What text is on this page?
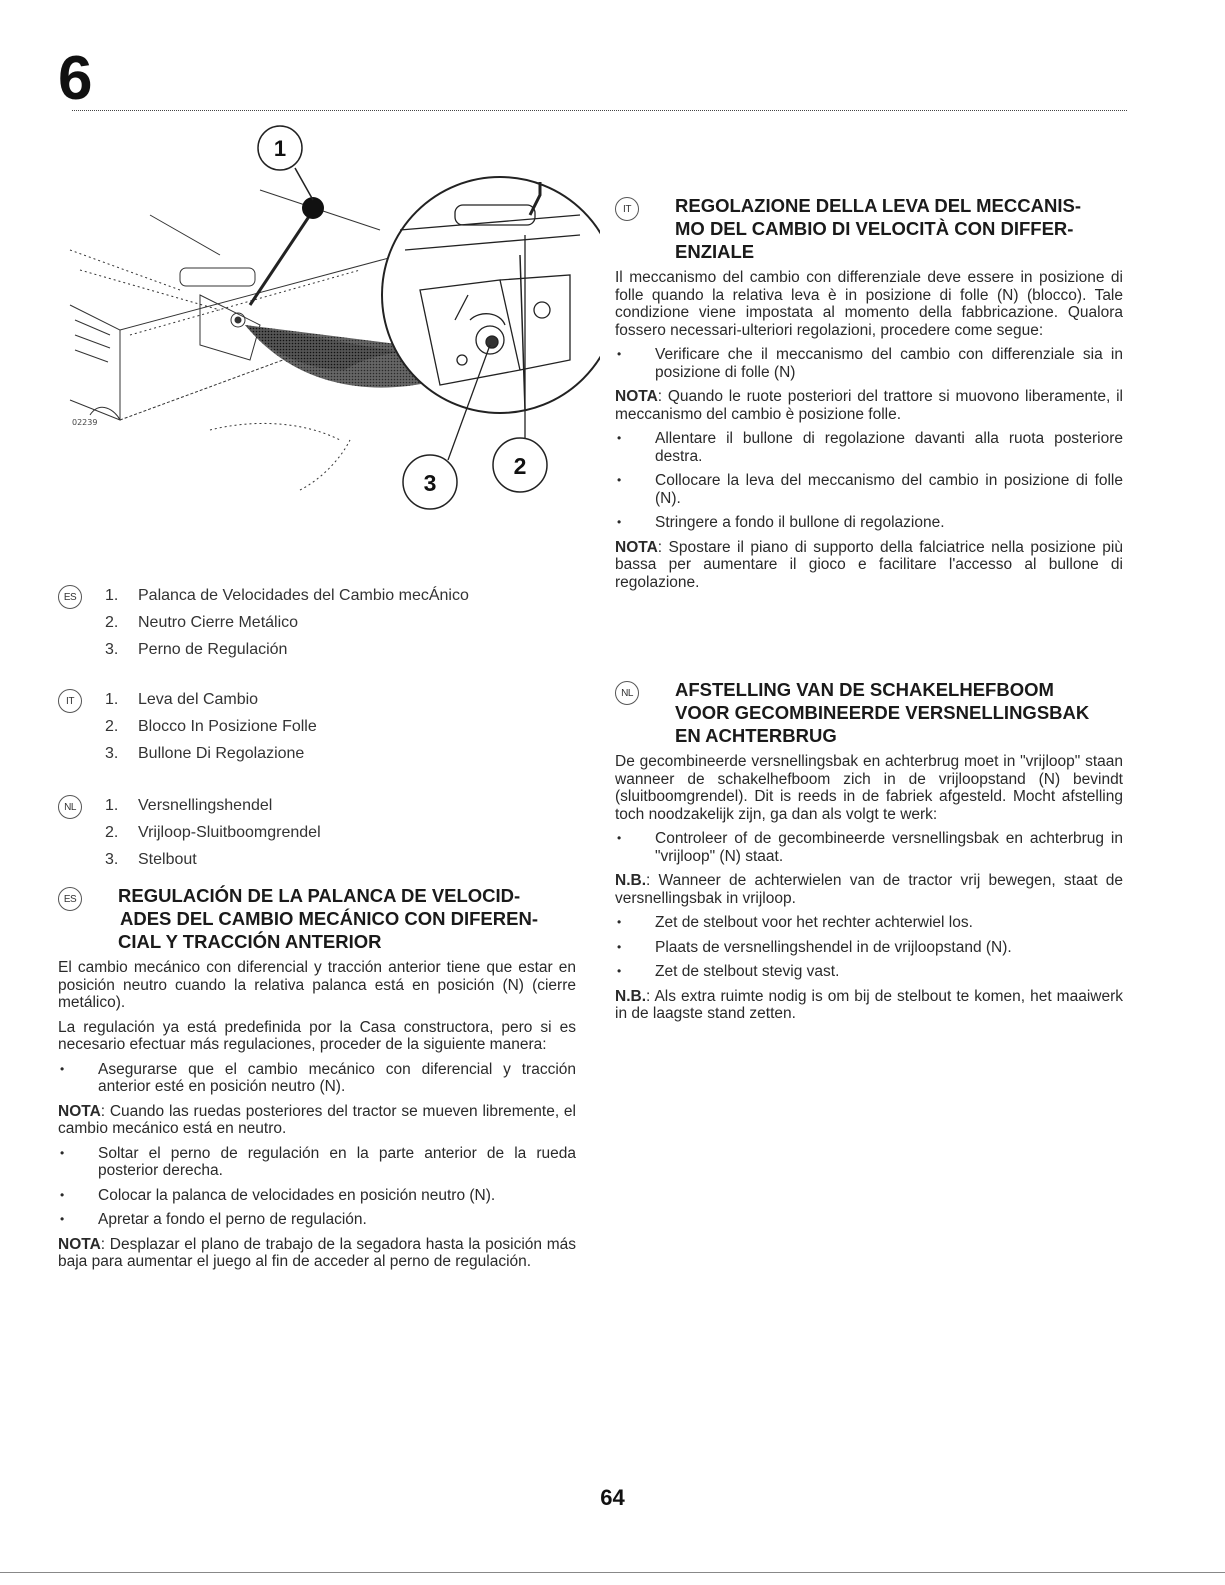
6
02239
1
2
3
ES	1. Palanca de Velocidades del Cambio mecÁnico
2. Neutro Cierre Metálico
3. Perno de Regulación
IT	1. Leva del Cambio
2. Blocco In Posizione Folle
3. Bullone Di Regolazione
NL	1. Versnellingshendel
2. Vrijloop-Sluitboomgrendel
3. Stelbout
ES	REGULACIÓN DE LA PALANCA DE VELOCID-
ADES DEL CAMBIO MECÁNICO CON DIFEREN-
CIAL Y TRACCIÓN ANTERIOR

El cambio mecánico con diferencial y tracción anterior tiene que estar en posición neutro cuando la relativa palanca está en posición (N) (cierre metálico).

La regulación ya está predefinida por la Casa constructora, pero si es necesario efectuar más regulaciones, proceder de la siguiente manera:

• Asegurarse que el cambio mecánico con diferencial y tracción anterior esté en posición neutro (N).

NOTA: Cuando las ruedas posteriores del tractor se mueven libremente, el cambio mecánico está en neutro.

• Soltar el perno de regulación en la parte anterior de la rueda posterior derecha.
• Colocar la palanca de velocidades en posición neutro (N).
• Apretar a fondo el perno de regulación.

NOTA: Desplazar el plano de trabajo de la segadora hasta la posición más baja para aumentar el juego al fin de acceder al perno de regulación.

IT	REGOLAZIONE DELLA LEVA DEL MECCANIS-
MO DEL CAMBIO DI VELOCITÀ CON DIFFER-
ENZIALE

Il meccanismo del cambio con differenziale deve essere in posizione di folle quando la relativa leva è in posizione di folle (N) (blocco). Tale condizione viene impostata al momento della fabbricazione. Qualora fossero necessari-ulteriori regolazioni, procedere come segue:

• Verificare che il meccanismo del cambio con differenziale sia in posizione di folle (N)

NOTA: Quando le ruote posteriori del trattore si muovono liberamente, il meccanismo del cambio è posizione folle.

• Allentare il bullone di regolazione davanti alla ruota posteriore destra.
• Collocare la leva del meccanismo del cambio in posizione di folle (N).
• Stringere a fondo il bullone di regolazione.

NOTA: Spostare il piano di supporto della falciatrice nella posizione più bassa per aumentare il gioco e facilitare l'accesso al bullone di regolazione.

NL	AFSTELLING VAN DE SCHAKELHEFBOOM
VOOR GECOMBINEERDE VERSNELLINGSBAK
EN ACHTERBRUG

De gecombineerde versnellingsbak en achterbrug moet in "vrijloop" staan wanneer de schakelhefboom zich in de vrijloopstand (N) bevindt (sluitboomgrendel). Dit is reeds in de fabriek afgesteld. Mocht afstelling toch noodzakelijk zijn, ga dan als volgt te werk:

• Controleer of de gecombineerde versnellingsbak en achterbrug in "vrijloop" (N) staat.

N.B.: Wanneer de achterwielen van de tractor vrij bewegen, staat de versnellingsbak in vrijloop.

• Zet de stelbout voor het rechter achterwiel los.
• Plaats de versnellingshendel in de vrijloopstand (N).
• Zet de stelbout stevig vast.

N.B.: Als extra ruimte nodig is om bij de stelbout te komen, het maaiwerk in de laagste stand zetten.

64
